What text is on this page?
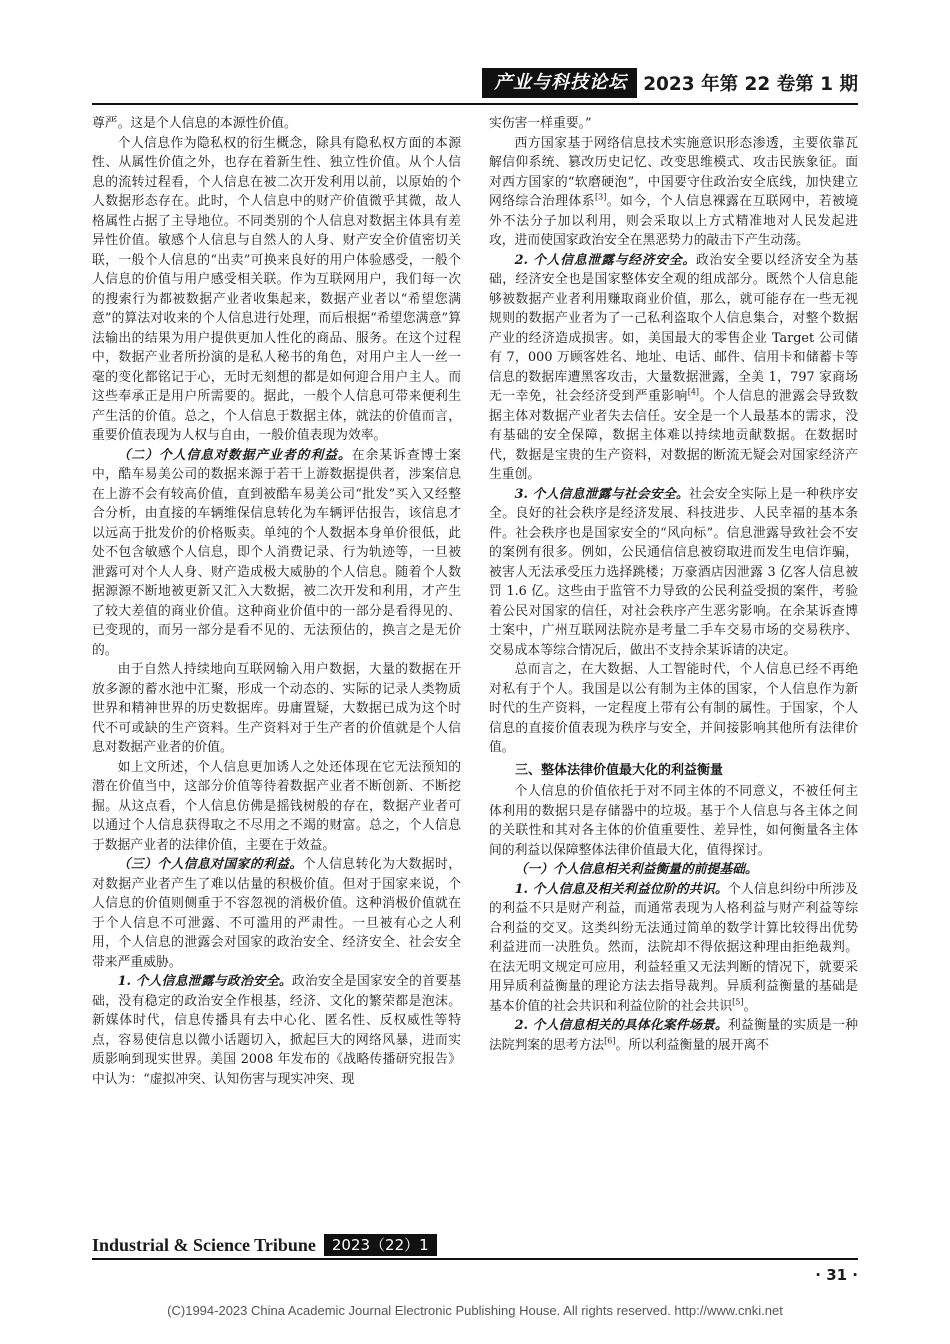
产业与科技论坛 2023 年第 22 卷第 1 期

尊严。这是个人信息的本源性价值。

个人信息作为隐私权的衍生概念，除具有隐私权方面的本源性、从属性价值之外，也存在着新生性、独立性价值。从个人信息的流转过程看，个人信息在被二次开发利用以前，以原始的个人数据形态存在。此时，个人信息中的财产价值微乎其微，故人格属性占据了主导地位。不同类别的个人信息对数据主体具有差异性价值。敏感个人信息与自然人的人身、财产安全价值密切关联，一般个人信息的“出卖”可换来良好的用户体验感受，一般个人信息的价值与用户感受相关联。作为互联网用户，我们每一次的搜索行为都被数据产业者收集起来，数据产业者以“希望您满意”的算法对收来的个人信息进行处理，而后根据“希望您满意”算法输出的结果为用户提供更加人性化的商品、服务。在这个过程中，数据产业者所扮演的是私人秘书的角色，对用户主人一丝一毫的变化都铭记于心，无时无刻想的都是如何迎合用户主人。而这些奉承正是用户所需要的。据此，一般个人信息可带来便利生产生活的价值。总之，个人信息于数据主体，就法的价值而言，重要价值表现为人权与自由，一般价值表现为效率。

（二）个人信息对数据产业者的利益。在余某诉查博士案中，酷车易美公司的数据来源于若干上游数据提供者，涉案信息在上游不会有较高价值，直到被酷车易美公司“批发”买入又经整合分析，由直接的车辆维保信息转化为车辆评估报告，该信息才以远高于批发价的价格贩卖。单纯的个人数据本身单价很低，此处不包含敏感个人信息，即个人消费记录、行为轨迹等，一旦被泄露可对个人人身、财产造成极大威胁的个人信息。随着个人数据源源不断地被更新又汇入大数据，被二次开发和利用，才产生了较大差值的商业价值。这种商业价值中的一部分是看得见的、已变现的，而另一部分是看不见的、无法预估的，换言之是无价的。

由于自然人持续地向互联网输入用户数据，大量的数据在开放多源的蓄水池中汇聚，形成一个动态的、实际的记录人类物质世界和精神世界的历史数据库。毋庸置疑，大数据已成为这个时代不可或缺的生产资料。生产资料对于生产者的价值就是个人信息对数据产业者的价值。

如上文所述，个人信息更加诱人之处还体现在它无法预知的潜在价值当中，这部分价值等待着数据产业者不断创新、不断挖掘。从这点看，个人信息仿佛是摇钱树般的存在，数据产业者可以通过个人信息获得取之不尽用之不竭的财富。总之，个人信息于数据产业者的法律价值，主要在于效益。

（三）个人信息对国家的利益。个人信息转化为大数据时，对数据产业者产生了难以估量的积极价值。但对于国家来说，个人信息的价值则侧重于不容忽视的消极价值。这种消极价值就在于个人信息不可泄露、不可滥用的严肃性。一旦被有心之人利用，个人信息的泄露会对国家的政治安全、经济安全、社会安全带来严重威胁。

1. 个人信息泄露与政治安全。政治安全是国家安全的首要基础，没有稳定的政治安全作根基，经济、文化的繁荣都是泡沫。新媒体时代，信息传播具有去中心化、匿名性、反权威性等特点，容易使信息以微小话题切入，掀起巨大的网络风暴，进而实质影响到现实世界。美国 2008 年发布的《战略传播研究报告》中认为：“虚拟冲突、认知伤害与现实冲突、现

实伤害一样重要。”

西方国家基于网络信息技术实施意识形态渗透，主要依靠瓦解信仰系统、篡改历史记忆、改变思维模式、攻击民族象征。面对西方国家的“软磨硬泡”，中国要守住政治安全底线，加快建立网络综合治理体系[3]。如今，个人信息裸露在互联网中，若被境外不法分子加以利用，则会采取以上方式精准地对人民发起进攻，进而使国家政治安全在黑恶势力的敲击下产生动荡。

2. 个人信息泄露与经济安全。政治安全要以经济安全为基础，经济安全也是国家整体安全观的组成部分。既然个人信息能够被数据产业者利用赚取商业价值，那么，就可能存在一些无视规则的数据产业者为了一己私利盗取个人信息集合，对整个数据产业的经济造成损害。如，美国最大的零售企业 Target 公司储有 7，000 万顾客姓名、地址、电话、邮件、信用卡和储蓄卡等信息的数据库遭黑客攻击，大量数据泄露，全美 1，797 家商场无一幸免，社会经济受到严重影响[4]。个人信息的泄露会导致数据主体对数据产业者失去信任。安全是一个人最基本的需求，没有基础的安全保障，数据主体难以持续地贡献数据。在数据时代，数据是宝贵的生产资料，对数据的断流无疑会对国家经济产生重创。

3. 个人信息泄露与社会安全。社会安全实际上是一种秩序安全。良好的社会秩序是经济发展、科技进步、人民幸福的基本条件。社会秩序也是国家安全的“风向标”。信息泄露导致社会不安的案例有很多。例如，公民通信信息被窃取进而发生电信诈骗，被害人无法承受压力选择跳楼；万豪酒店因泄露 3 亿客人信息被罚 1.6 亿。这些由于监管不力导致的公民利益受损的案件，考验着公民对国家的信任，对社会秩序产生恶劣影响。在余某诉查博士案中，广州互联网法院亦是考量二手车交易市场的交易秩序、交易成本等综合情况后，做出不支持余某诉请的决定。

总而言之，在大数据、人工智能时代，个人信息已经不再绝对私有于个人。我国是以公有制为主体的国家，个人信息作为新时代的生产资料，一定程度上带有公有制的属性。于国家，个人信息的直接价值表现为秩序与安全，并间接影响其他所有法律价值。

三、整体法律价值最大化的利益衡量

个人信息的价值依托于对不同主体的不同意义，不被任何主体利用的数据只是存储器中的垃圾。基于个人信息与各主体之间的关联性和其对各主体的价值重要性、差异性，如何衡量各主体间的利益以保障整体法律价值最大化，值得探讨。

（一）个人信息相关利益衡量的前提基础。

1. 个人信息及相关利益位阶的共识。个人信息纠纷中所涉及的利益不只是财产利益，而通常表现为人格利益与财产利益等综合利益的交叉。这类纠纷无法通过简单的数学计算比较得出优势利益进而一决胜负。然而，法院却不得依据这种理由拒绝裁判。在法无明文规定可应用，利益轻重又无法判断的情况下，就要采用异质利益衡量的理论方法去指导裁判。异质利益衡量的基础是基本价值的社会共识和利益位阶的社会共识[5]。

2. 个人信息相关的具体化案件场景。利益衡量的实质是一种法院判案的思考方法[6]。所以利益衡量的展开离不

Industrial & Science Tribune	2023（22）1
· 31 ·
(C)1994-2023 China Academic Journal Electronic Publishing House. All rights reserved. http://www.cnki.net
